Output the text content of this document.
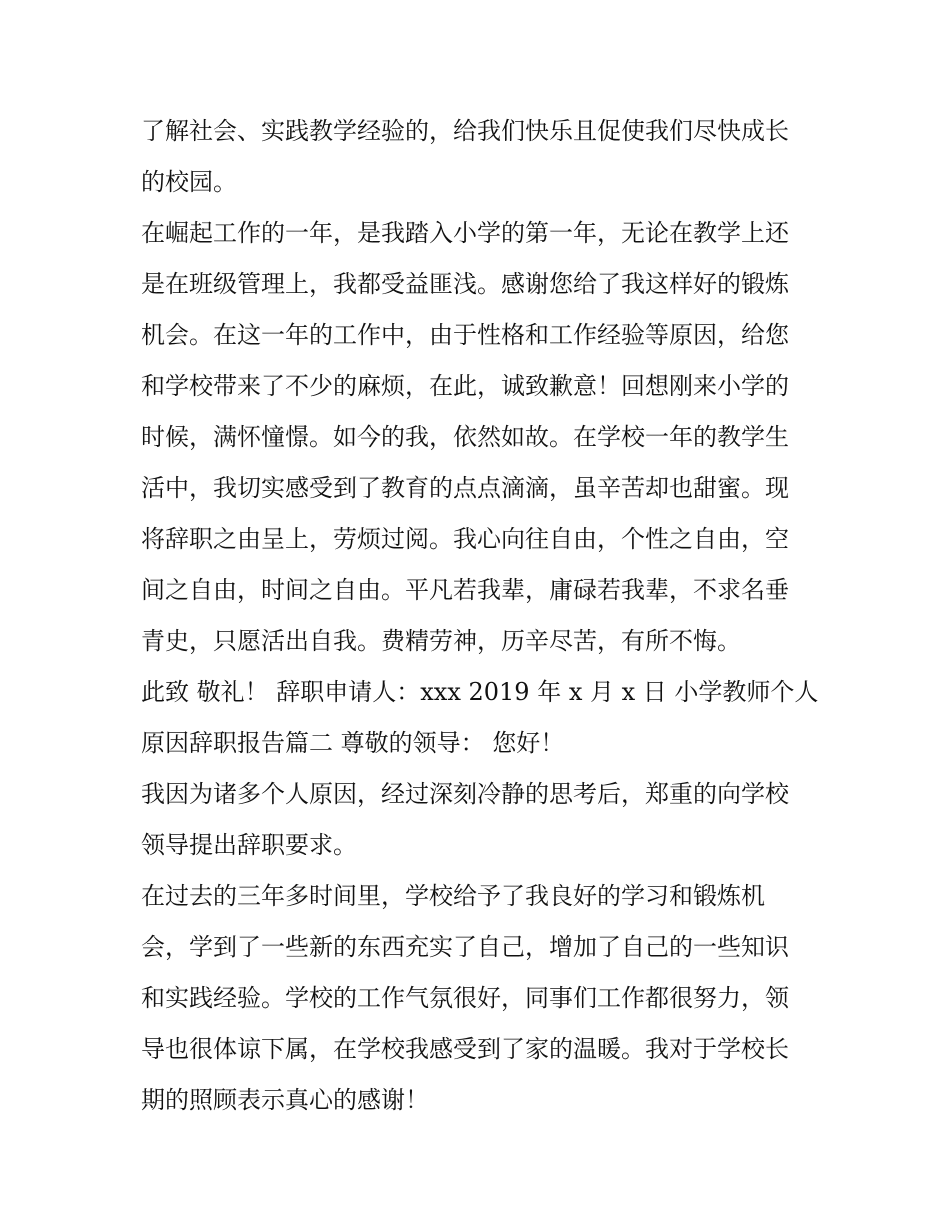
了解社会、实践教学经验的，给我们快乐且促使我们尽快成长
的校园。
在崛起工作的一年，是我踏入小学的第一年，无论在教学上还
是在班级管理上，我都受益匪浅。感谢您给了我这样好的锻炼
机会。在这一年的工作中，由于性格和工作经验等原因，给您
和学校带来了不少的麻烦，在此，诚致歉意！回想刚来小学的
时候，满怀憧憬。如今的我，依然如故。在学校一年的教学生
活中，我切实感受到了教育的点点滴滴，虽辛苦却也甜蜜。现
将辞职之由呈上，劳烦过阅。我心向往自由，个性之自由，空
间之自由，时间之自由。平凡若我辈，庸碌若我辈，不求名垂
青史，只愿活出自我。费精劳神，历辛尽苦，有所不悔。
此致 敬礼！ 辞职申请人：xxx 2019 年 x 月 x 日 小学教师个人
原因辞职报告篇二 尊敬的领导： 您好！
我因为诸多个人原因，经过深刻冷静的思考后，郑重的向学校
领导提出辞职要求。
在过去的三年多时间里，学校给予了我良好的学习和锻炼机
会，学到了一些新的东西充实了自己，增加了自己的一些知识
和实践经验。学校的工作气氛很好，同事们工作都很努力，领
导也很体谅下属，在学校我感受到了家的温暖。我对于学校长
期的照顾表示真心的感谢！
